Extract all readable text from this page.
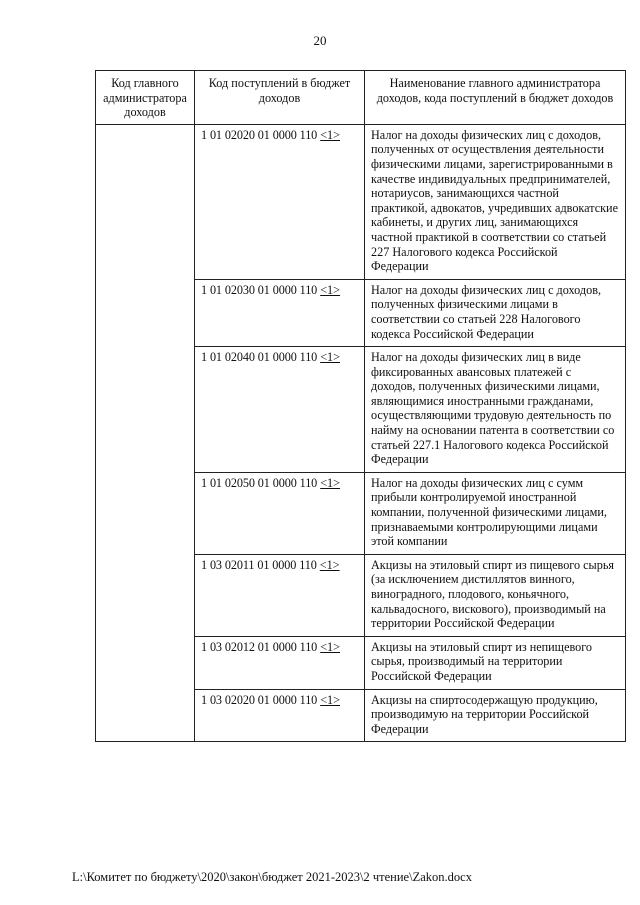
20
Код главного администратора доходов	Код поступлений в бюджет доходов	Наименование главного администратора доходов, кода поступлений в бюджет доходов
	1 01 02020 01 0000 110 <1>	Налог на доходы физических лиц с доходов, полученных от осуществления деятельности физическими лицами, зарегистрированными в качестве индивидуальных предпринимателей, нотариусов, занимающихся частной практикой, адвокатов, учредивших адвокатские кабинеты, и других лиц, занимающихся частной практикой в соответствии со статьей 227 Налогового кодекса Российской Федерации
	1 01 02030 01 0000 110 <1>	Налог на доходы физических лиц с доходов, полученных физическими лицами в соответствии со статьей 228 Налогового кодекса Российской Федерации
	1 01 02040 01 0000 110 <1>	Налог на доходы физических лиц в виде фиксированных авансовых платежей с доходов, полученных физическими лицами, являющимися иностранными гражданами, осуществляющими трудовую деятельность по найму на основании патента в соответствии со статьей 227.1 Налогового кодекса Российской Федерации
	1 01 02050 01 0000 110 <1>	Налог на доходы физических лиц с сумм прибыли контролируемой иностранной компании, полученной физическими лицами, признаваемыми контролирующими лицами этой компании
	1 03 02011 01 0000 110 <1>	Акцизы на этиловый спирт из пищевого сырья (за исключением дистиллятов винного, виноградного, плодового, коньячного, кальвадосного, вискового), производимый на территории Российской Федерации
	1 03 02012 01 0000 110 <1>	Акцизы на этиловый спирт из непищевого сырья, производимый на территории Российской Федерации
	1 03 02020 01 0000 110 <1>	Акцизы на спиртосодержащую продукцию, производимую на территории Российской Федерации
L:\Комитет по бюджету\2020\закон\бюджет 2021-2023\2 чтение\Zakon.docx
